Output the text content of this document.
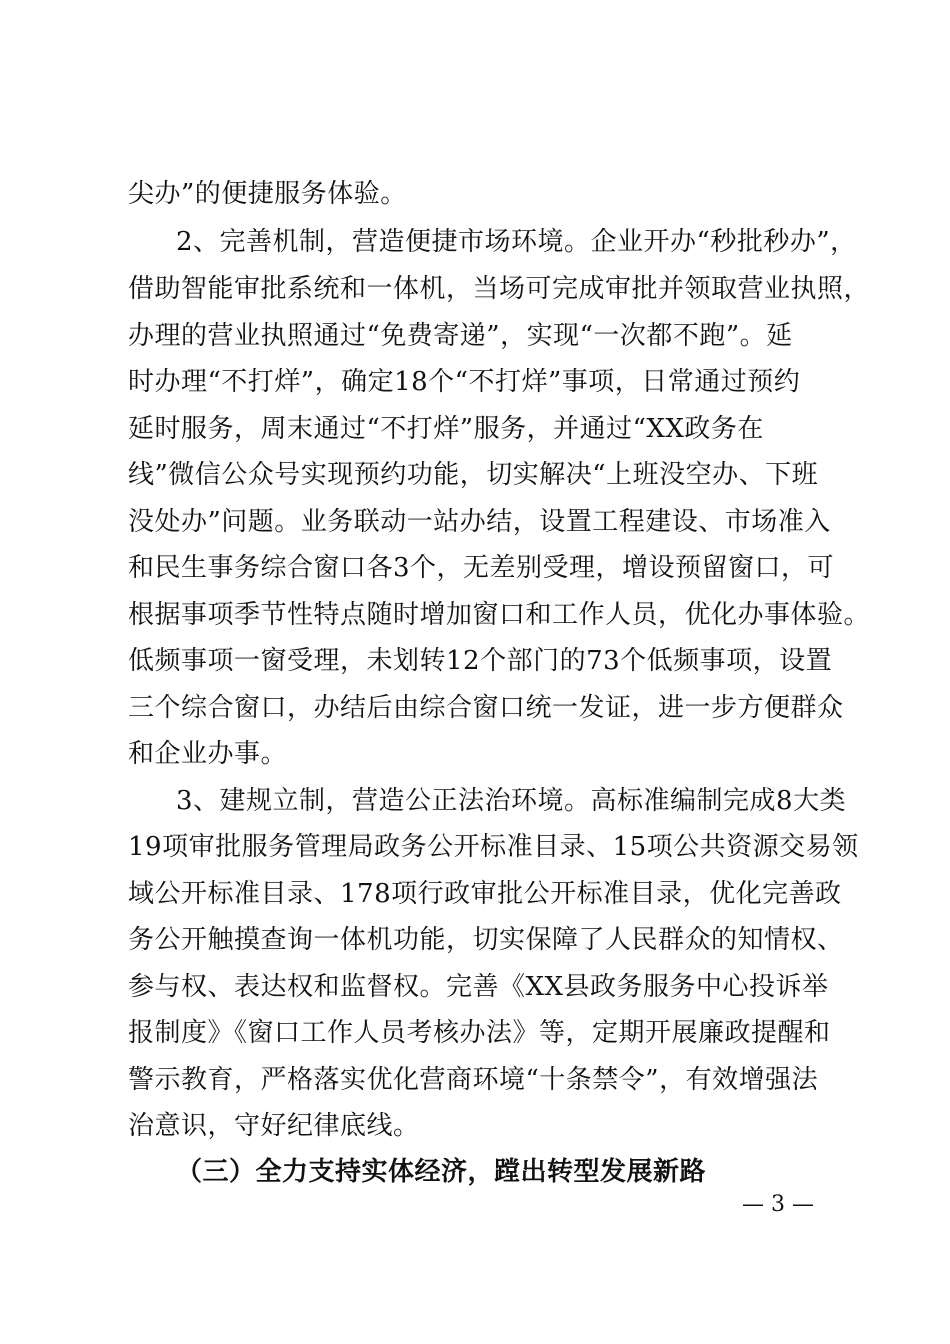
尖办”的便捷服务体验。
2、完善机制，营造便捷市场环境。企业开办“秒批秒办”，
借助智能审批系统和一体机，当场可完成审批并领取营业执照，
办理的营业执照通过“免费寄递”，实现“一次都不跑”。延
时办理“不打烊”，确定18个“不打烊”事项，日常通过预约
延时服务，周末通过“不打烊”服务，并通过“XX政务在
线”微信公众号实现预约功能，切实解决“上班没空办、下班
没处办”问题。业务联动一站办结，设置工程建设、市场准入
和民生事务综合窗口各3个，无差别受理，增设预留窗口，可
根据事项季节性特点随时增加窗口和工作人员，优化办事体验。
低频事项一窗受理，未划转12个部门的73个低频事项，设置
三个综合窗口，办结后由综合窗口统一发证，进一步方便群众
和企业办事。
3、建规立制，营造公正法治环境。高标准编制完成8大类
19项审批服务管理局政务公开标准目录、15项公共资源交易领
域公开标准目录、178项行政审批公开标准目录，优化完善政
务公开触摸查询一体机功能，切实保障了人民群众的知情权、
参与权、表达权和监督权。完善《XX县政务服务中心投诉举
报制度》《窗口工作人员考核办法》等，定期开展廉政提醒和
警示教育，严格落实优化营商环境“十条禁令”，有效增强法
治意识，守好纪律底线。
（三）全力支持实体经济，蹚出转型发展新路
— 3 —
